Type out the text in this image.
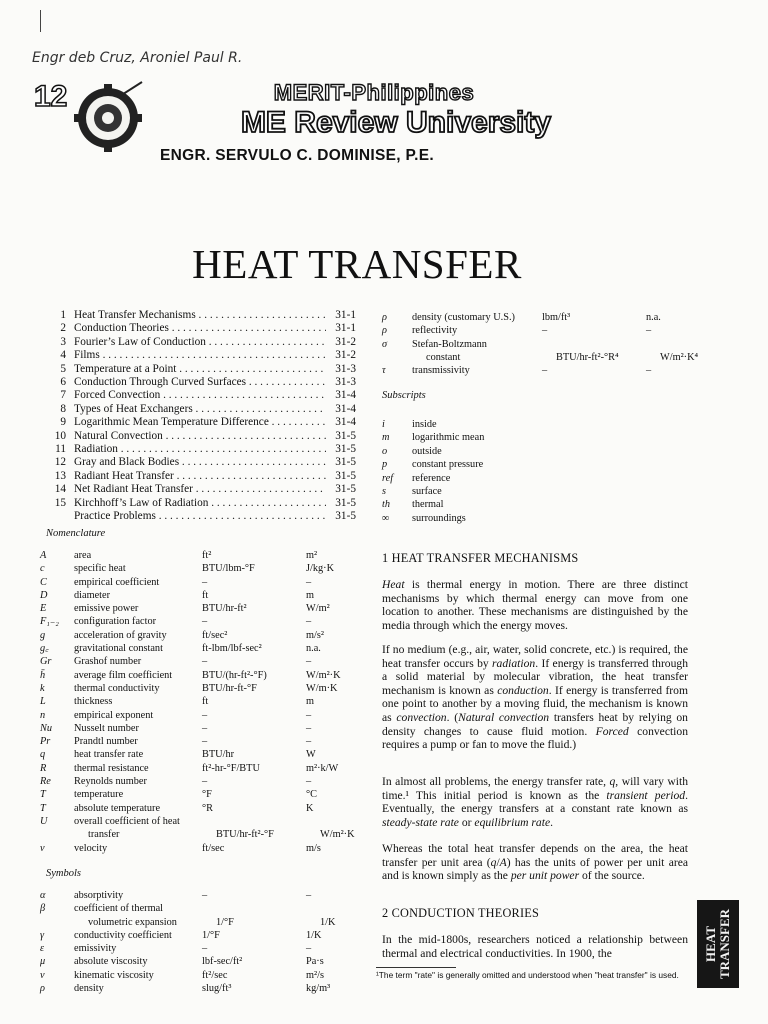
Engr deb Cruz, Aroniel Paul R.
12	MERIT-Philippines
ME Review University
ENGR. SERVULO C. DOMINISE, P.E.
HEAT TRANSFER
1 Heat Transfer Mechanisms . . .	31-1
2 Conduction Theories . . .	31-1
3 Fourier’s Law of Conduction . . .	31-2
4 Films . . .	31-2
5 Temperature at a Point . . .	31-3
6 Conduction Through Curved Surfaces . . .	31-3
7 Forced Convection . . .	31-4
8 Types of Heat Exchangers . . .	31-4
9 Logarithmic Mean Temperature Difference . . .	31-4
10 Natural Convection . . .	31-5
11 Radiation . . .	31-5
12 Gray and Black Bodies . . .	31-5
13 Radiant Heat Transfer . . .	31-5
14 Net Radiant Heat Transfer . . .	31-5
15 Kirchhoff’s Law of Radiation . . .	31-5
Practice Problems . . .	31-5
Nomenclature
A	area	ft²	m²
c	specific heat	BTU/lbm-°F	J/kg·K
C	empirical coefficient	–	–
D	diameter	ft	m
E	emissive power	BTU/hr-ft²	W/m²
F₁₋₂	configuration factor	–	–
g	acceleration of gravity	ft/sec²	m/s²
g꜀	gravitational constant	ft-lbm/lbf-sec²	n.a.
Gr	Grashof number	–	–
h̄	average film coefficient	BTU/(hr-ft²-°F)	W/m²·K
k	thermal conductivity	BTU/hr-ft-°F	W/m·K
L	thickness	ft	m
n	empirical exponent	–	–
Nu	Nusselt number	–	–
Pr	Prandtl number	–	–
q	heat transfer rate	BTU/hr	W
R	thermal resistance	ft²-hr-°F/BTU	m²·k/W
Re	Reynolds number	–	–
T	temperature	°F	°C
T	absolute temperature	°R	K
U	overall coefficient of heat
transfer	BTU/hr-ft²-°F	W/m²·K
v	velocity	ft/sec	m/s
Symbols
α	absorptivity	–	–
β	coefficient of thermal
volumetric expansion	1/°F	1/K
γ	conductivity coefficient	1/°F	1/K
ε	emissivity	–	–
μ	absolute viscosity	lbf-sec/ft²	Pa·s
ν	kinematic viscosity	ft²/sec	m²/s
ρ	density	slug/ft³	kg/m³
ρ	density (customary U.S.)	lbm/ft³	n.a.
ρ	reflectivity	–	–
σ	Stefan-Boltzmann
constant	BTU/hr-ft²-°R⁴	W/m²·K⁴
τ	transmissivity	–	–
Subscripts
i	inside
m	logarithmic mean
o	outside
p	constant pressure
ref	reference
s	surface
th	thermal
∞	surroundings
1 HEAT TRANSFER MECHANISMS
Heat is thermal energy in motion. There are three distinct mechanisms by which thermal energy can move from one location to another. These mechanisms are distinguished by the media through which the energy moves.
If no medium (e.g., air, water, solid concrete, etc.) is required, the heat transfer occurs by radiation. If energy is transferred through a solid material by molecular vibration, the heat transfer mechanism is known as conduction. If energy is transferred from one point to another by a moving fluid, the mechanism is known as convection. (Natural convection transfers heat by relying on density changes to cause fluid motion. Forced convection requires a pump or fan to move the fluid.)
In almost all problems, the energy transfer rate, q, will vary with time.¹ This initial period is known as the transient period. Eventually, the energy transfers at a constant rate known as steady-state rate or equilibrium rate.
Whereas the total heat transfer depends on the area, the heat transfer per unit area (q/A) has the units of power per unit area and is known simply as the per unit power of the source.
2 CONDUCTION THEORIES
In the mid-1800s, researchers noticed a relationship between thermal and electrical conductivities. In 1900, the
¹The term "rate" is generally omitted and understood when "heat transfer" is used.
HEAT TRANSFER
